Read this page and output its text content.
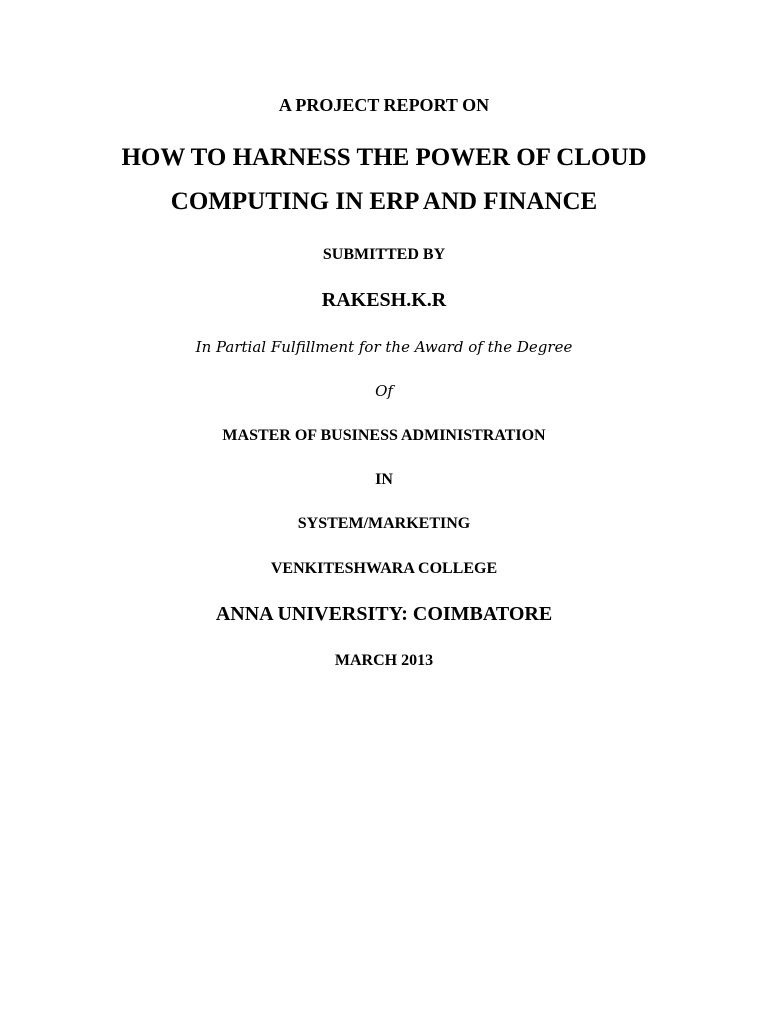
A PROJECT REPORT ON
HOW TO HARNESS THE POWER OF CLOUD
COMPUTING IN ERP AND FINANCE
SUBMITTED BY
RAKESH.K.R
In Partial Fulfillment for the Award of the Degree
Of
MASTER OF BUSINESS ADMINISTRATION
IN
SYSTEM/MARKETING
VENKITESHWARA COLLEGE
ANNA UNIVERSITY: COIMBATORE
MARCH 2013
